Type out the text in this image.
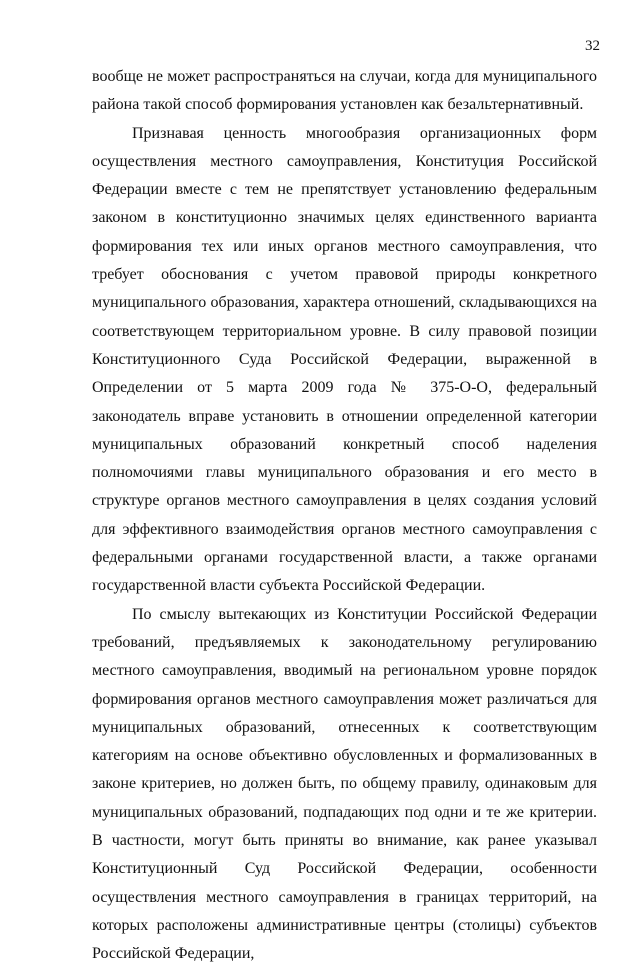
32

вообще не может распространяться на случаи, когда для муниципального района такой способ формирования установлен как безальтернативный.

Признавая ценность многообразия организационных форм осуществления местного самоуправления, Конституция Российской Федерации вместе с тем не препятствует установлению федеральным законом в конституционно значимых целях единственного варианта формирования тех или иных органов местного самоуправления, что требует обоснования с учетом правовой природы конкретного муниципального образования, характера отношений, складывающихся на соответствующем территориальном уровне. В силу правовой позиции Конституционного Суда Российской Федерации, выраженной в Определении от 5 марта 2009 года № 375-О-О, федеральный законодатель вправе установить в отношении определенной категории муниципальных образований конкретный способ наделения полномочиями главы муниципального образования и его место в структуре органов местного самоуправления в целях создания условий для эффективного взаимодействия органов местного самоуправления с федеральными органами государственной власти, а также органами государственной власти субъекта Российской Федерации.

По смыслу вытекающих из Конституции Российской Федерации требований, предъявляемых к законодательному регулированию местного самоуправления, вводимый на региональном уровне порядок формирования органов местного самоуправления может различаться для муниципальных образований, отнесенных к соответствующим категориям на основе объективно обусловленных и формализованных в законе критериев, но должен быть, по общему правилу, одинаковым для муниципальных образований, подпадающих под одни и те же критерии. В частности, могут быть приняты во внимание, как ранее указывал Конституционный Суд Российской Федерации, особенности осуществления местного самоуправления в границах территорий, на которых расположены административные центры (столицы) субъектов Российской Федерации,
